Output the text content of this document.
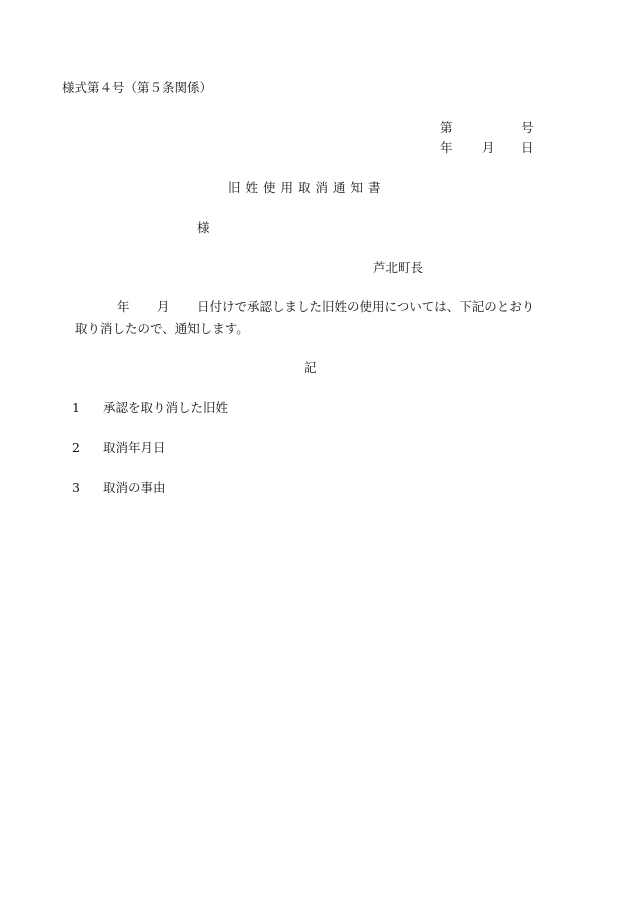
様式第４号（第５条関係）
第	号
年 月 日
旧姓使用取消通知書
様
芦北町長
年 月 日付けで承認しました旧姓の使用については、下記のとおり
取り消したので、通知します。
記
1 承認を取り消した旧姓
2 取消年月日
3 取消の事由
